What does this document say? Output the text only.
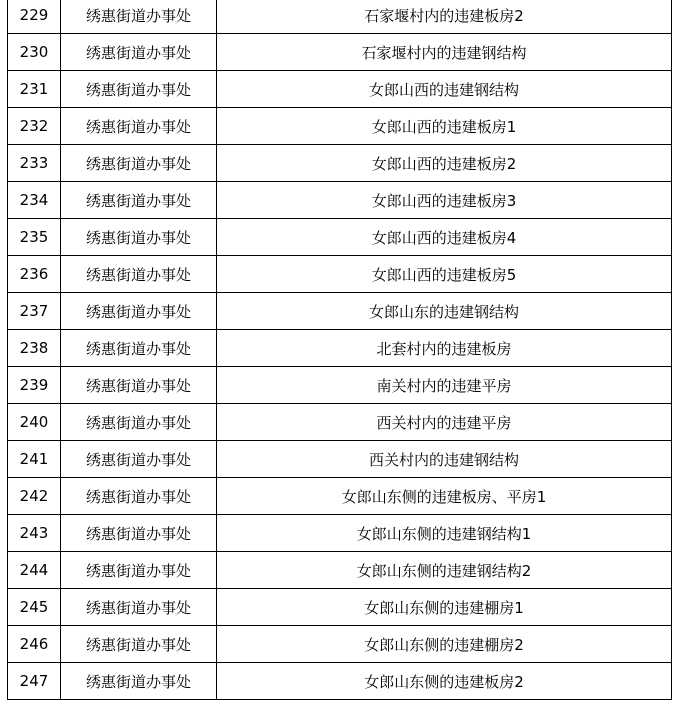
229	绣惠街道办事处	石家堰村内的违建板房2
230	绣惠街道办事处	石家堰村内的违建钢结构
231	绣惠街道办事处	女郎山西的违建钢结构
232	绣惠街道办事处	女郎山西的违建板房1
233	绣惠街道办事处	女郎山西的违建板房2
234	绣惠街道办事处	女郎山西的违建板房3
235	绣惠街道办事处	女郎山西的违建板房4
236	绣惠街道办事处	女郎山西的违建板房5
237	绣惠街道办事处	女郎山东的违建钢结构
238	绣惠街道办事处	北套村内的违建板房
239	绣惠街道办事处	南关村内的违建平房
240	绣惠街道办事处	西关村内的违建平房
241	绣惠街道办事处	西关村内的违建钢结构
242	绣惠街道办事处	女郎山东侧的违建板房、平房1
243	绣惠街道办事处	女郎山东侧的违建钢结构1
244	绣惠街道办事处	女郎山东侧的违建钢结构2
245	绣惠街道办事处	女郎山东侧的违建棚房1
246	绣惠街道办事处	女郎山东侧的违建棚房2
247	绣惠街道办事处	女郎山东侧的违建板房2
